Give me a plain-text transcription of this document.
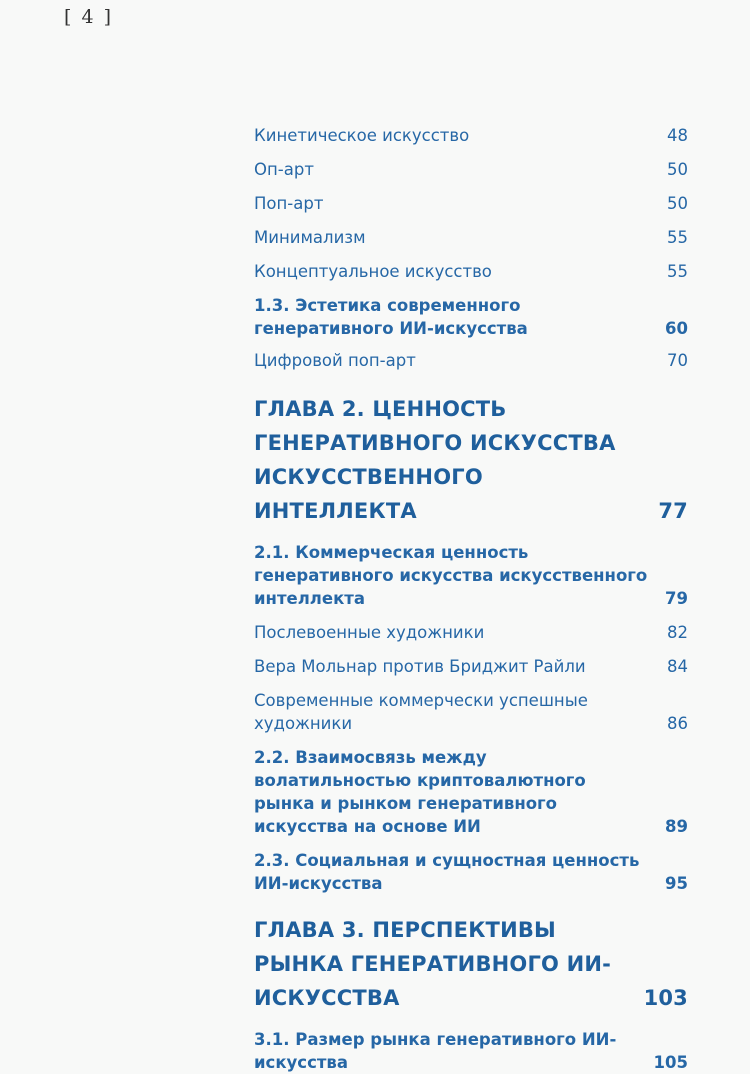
[ 4 ]
Кинетическое искусство	48
Оп-арт	50
Поп-арт	50
Минимализм	55
Концептуальное искусство	55
1.3. Эстетика современного генеративного ИИ-искусства	60
Цифровой поп-арт	70
ГЛАВА 2. ЦЕННОСТЬ ГЕНЕРАТИВНОГО ИСКУССТВА ИСКУССТВЕННОГО ИНТЕЛЛЕКТА	77
2.1. Коммерческая ценность генеративного искусства искусственного интеллекта	79
Послевоенные художники	82
Вера Мольнар против Бриджит Райли	84
Современные коммерчески успешные художники	86
2.2. Взаимосвязь между волатильностью криптовалютного рынка и рынком генеративного искусства на основе ИИ	89
2.3. Социальная и сущностная ценность ИИ-искусства	95
ГЛАВА 3. ПЕРСПЕКТИВЫ РЫНКА ГЕНЕРАТИВНОГО ИИ-ИСКУССТВА	103
3.1. Размер рынка генеративного ИИ-искусства	105
